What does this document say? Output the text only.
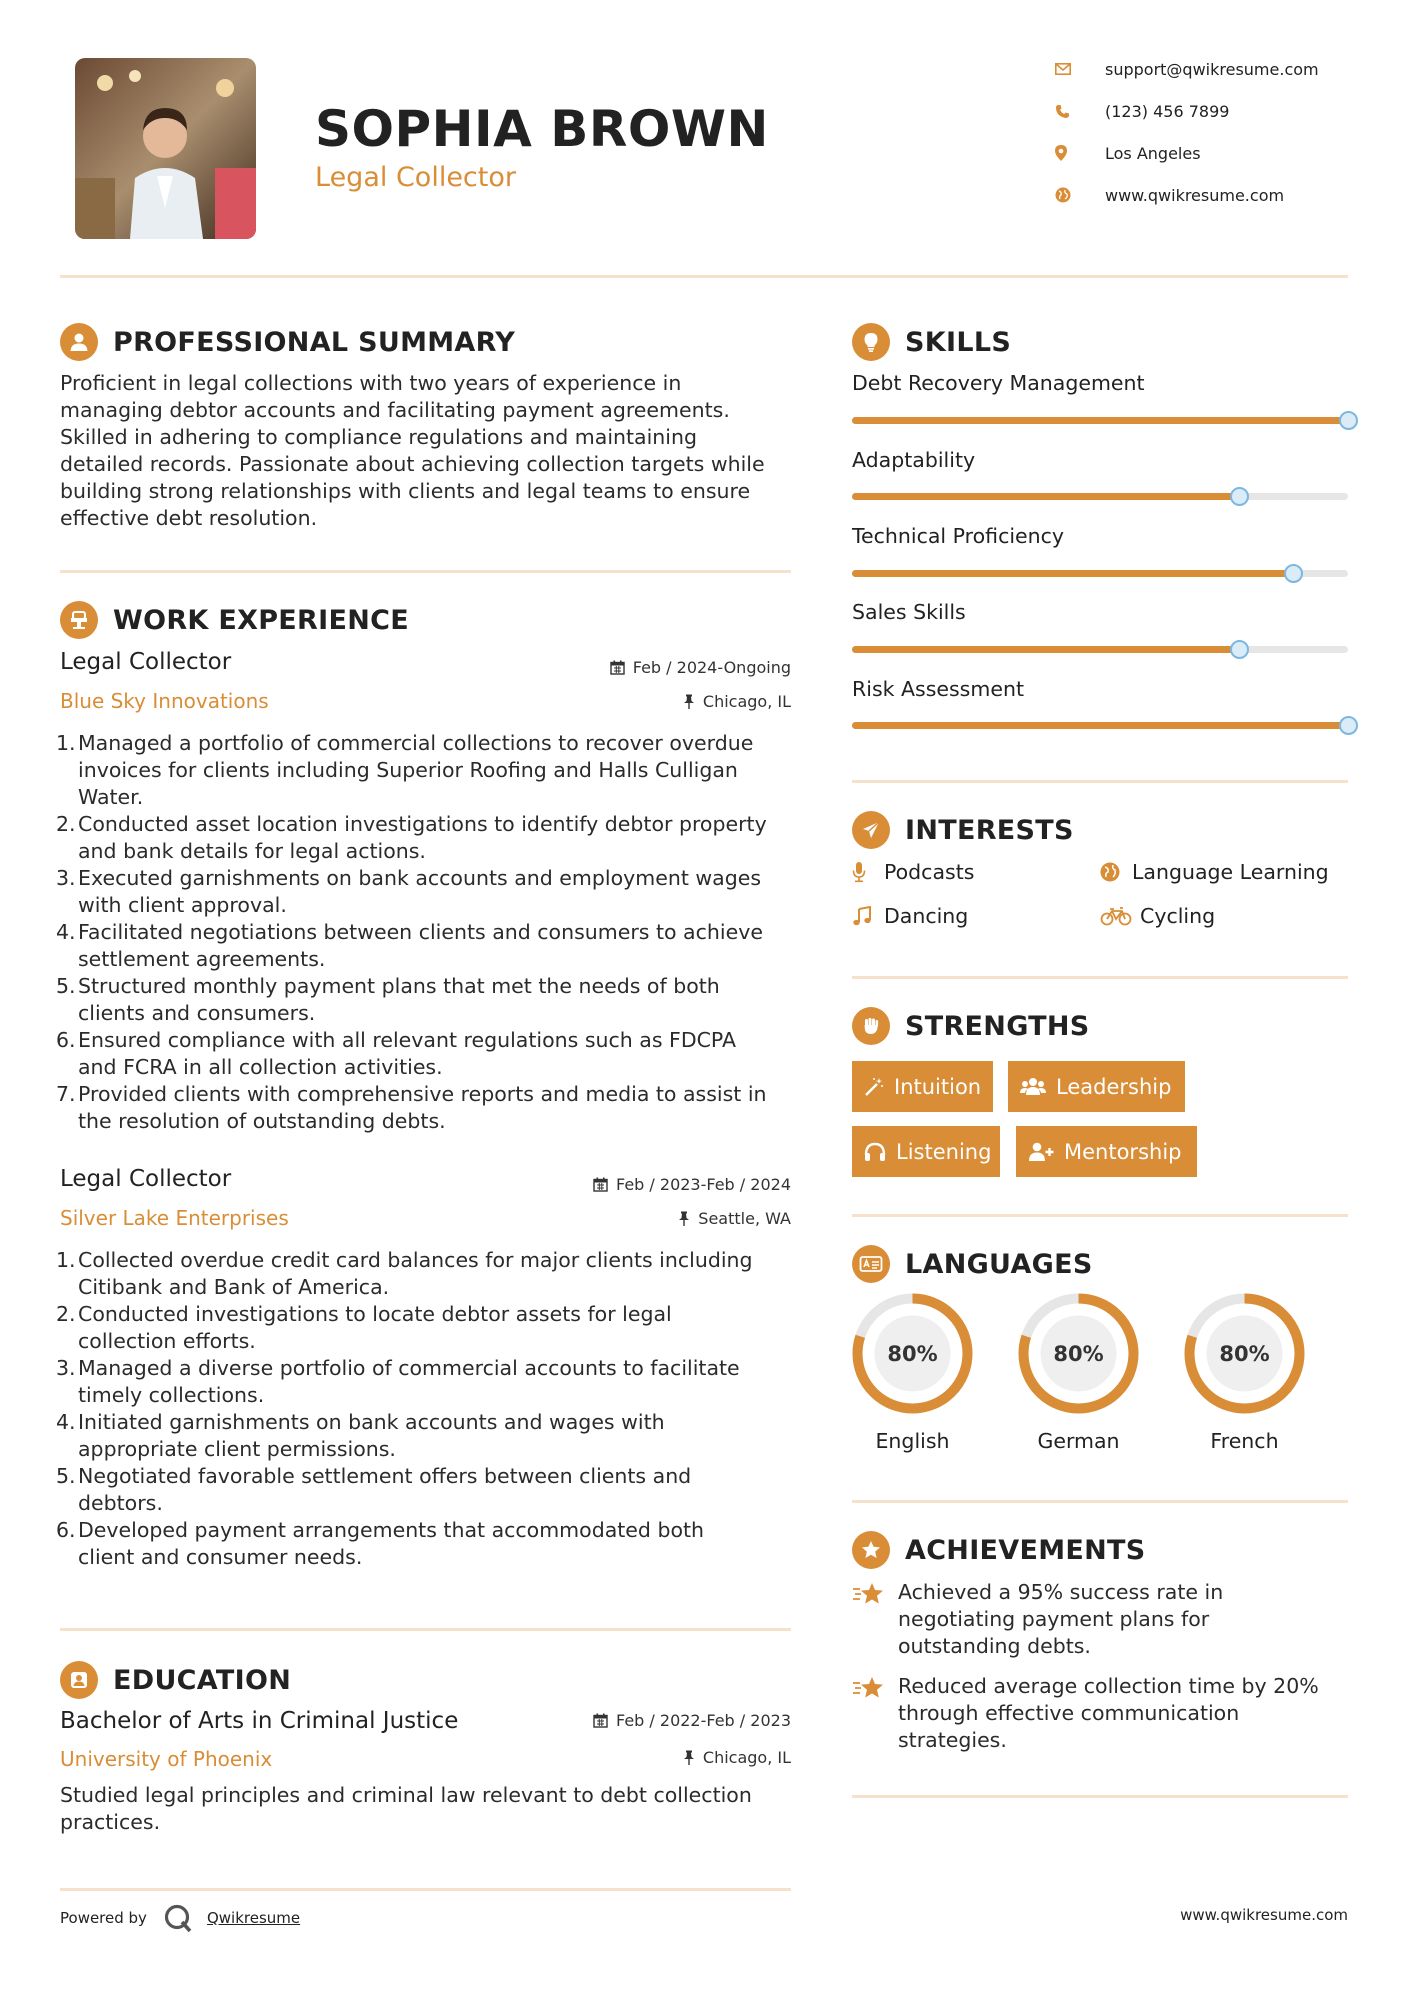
SOPHIA BROWN
Legal Collector
support@qwikresume.com
(123) 456 7899
Los Angeles
www.qwikresume.com
PROFESSIONAL SUMMARY
Proficient in legal collections with two years of experience in
managing debtor accounts and facilitating payment agreements.
Skilled in adhering to compliance regulations and maintaining
detailed records. Passionate about achieving collection targets while
building strong relationships with clients and legal teams to ensure
effective debt resolution.
WORK EXPERIENCE
Legal Collector	Feb / 2024-Ongoing
Blue Sky Innovations	Chicago, IL
1. Managed a portfolio of commercial collections to recover overdue
invoices for clients including Superior Roofing and Halls Culligan
Water.
2. Conducted asset location investigations to identify debtor property
and bank details for legal actions.
3. Executed garnishments on bank accounts and employment wages
with client approval.
4. Facilitated negotiations between clients and consumers to achieve
settlement agreements.
5. Structured monthly payment plans that met the needs of both
clients and consumers.
6. Ensured compliance with all relevant regulations such as FDCPA
and FCRA in all collection activities.
7. Provided clients with comprehensive reports and media to assist in
the resolution of outstanding debts.
Legal Collector	Feb / 2023-Feb / 2024
Silver Lake Enterprises	Seattle, WA
1. Collected overdue credit card balances for major clients including
Citibank and Bank of America.
2. Conducted investigations to locate debtor assets for legal
collection efforts.
3. Managed a diverse portfolio of commercial accounts to facilitate
timely collections.
4. Initiated garnishments on bank accounts and wages with
appropriate client permissions.
5. Negotiated favorable settlement offers between clients and
debtors.
6. Developed payment arrangements that accommodated both
client and consumer needs.
EDUCATION
Bachelor of Arts in Criminal Justice	Feb / 2022-Feb / 2023
University of Phoenix	Chicago, IL
Studied legal principles and criminal law relevant to debt collection
practices.
SKILLS
Debt Recovery Management
Adaptability
Technical Proficiency
Sales Skills
Risk Assessment
INTERESTS
Podcasts	Language Learning
Dancing	Cycling
STRENGTHS
Intuition	Leadership
Listening	Mentorship
LANGUAGES
80%
English
80%
German
80%
French
ACHIEVEMENTS
Achieved a 95% success rate in
negotiating payment plans for
outstanding debts.
Reduced average collection time by 20%
through effective communication
strategies.
Powered by	Qwikresume	www.qwikresume.com
